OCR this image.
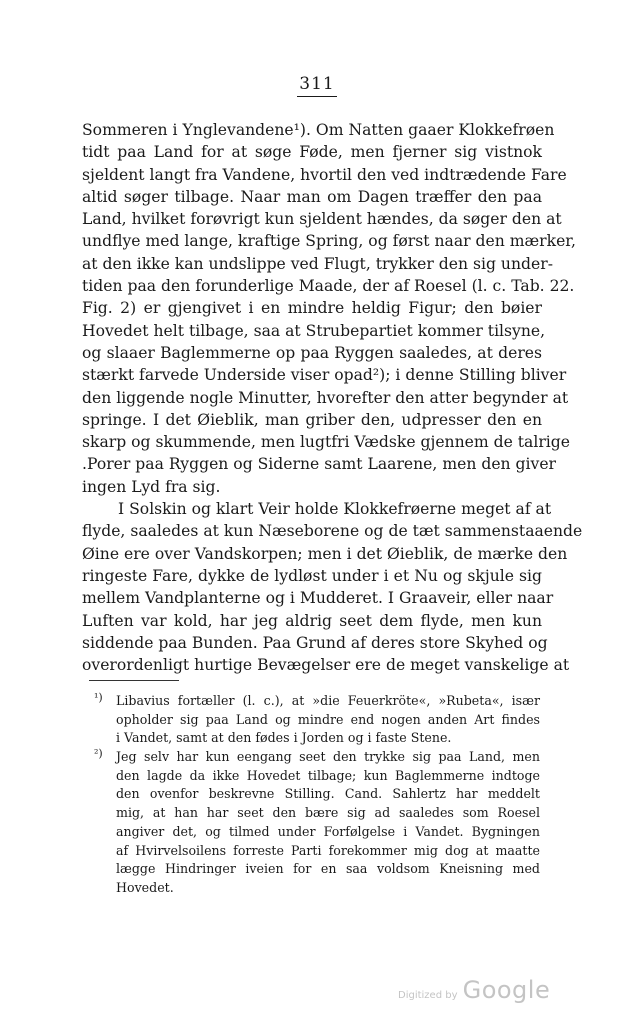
311
Sommeren i Ynglevandene¹). Om Natten gaaer Klokkefrøen
tidt paa Land for at søge Føde, men fjerner sig vistnok
sjeldent langt fra Vandene, hvortil den ved indtrædende Fare
altid søger tilbage. Naar man om Dagen træffer den paa
Land, hvilket forøvrigt kun sjeldent hændes, da søger den at
undflye med lange, kraftige Spring, og først naar den mærker,
at den ikke kan undslippe ved Flugt, trykker den sig under-
tiden paa den forunderlige Maade, der af Roesel (l. c. Tab. 22.
Fig. 2) er gjengivet i en mindre heldig Figur; den bøier
Hovedet helt tilbage, saa at Strubepartiet kommer tilsyne,
og slaaer Baglemmerne op paa Ryggen saaledes, at deres
stærkt farvede Underside viser opad²); i denne Stilling bliver
den liggende nogle Minutter, hvorefter den atter begynder at
springe. I det Øieblik, man griber den, udpresser den en
skarp og skummende, men lugtfri Vædske gjennem de talrige
.Porer paa Ryggen og Siderne samt Laarene, men den giver
ingen Lyd fra sig.
I Solskin og klart Veir holde Klokkefrøerne meget af at
flyde, saaledes at kun Næseborene og de tæt sammenstaaende
Øine ere over Vandskorpen; men i det Øieblik, de mærke den
ringeste Fare, dykke de lydløst under i et Nu og skjule sig
mellem Vandplanterne og i Mudderet. I Graaveir, eller naar
Luften var kold, har jeg aldrig seet dem flyde, men kun
siddende paa Bunden. Paa Grund af deres store Skyhed og
overordenligt hurtige Bevægelser ere de meget vanskelige at
¹) Libavius fortæller (l. c.), at »die Feuerkröte«, »Rubeta«, især
opholder sig paa Land og mindre end nogen anden Art findes
i Vandet, samt at den fødes i Jorden og i faste Stene.
²) Jeg selv har kun eengang seet den trykke sig paa Land, men
den lagde da ikke Hovedet tilbage; kun Baglemmerne indtoge
den ovenfor beskrevne Stilling. Cand. Sahlertz har meddelt
mig, at han har seet den bære sig ad saaledes som Roesel
angiver det, og tilmed under Forfølgelse i Vandet. Bygningen
af Hvirvelsoilens forreste Parti forekommer mig dog at maatte
lægge Hindringer iveien for en saa voldsom Kneisning med
Hovedet.
Digitized by Google
